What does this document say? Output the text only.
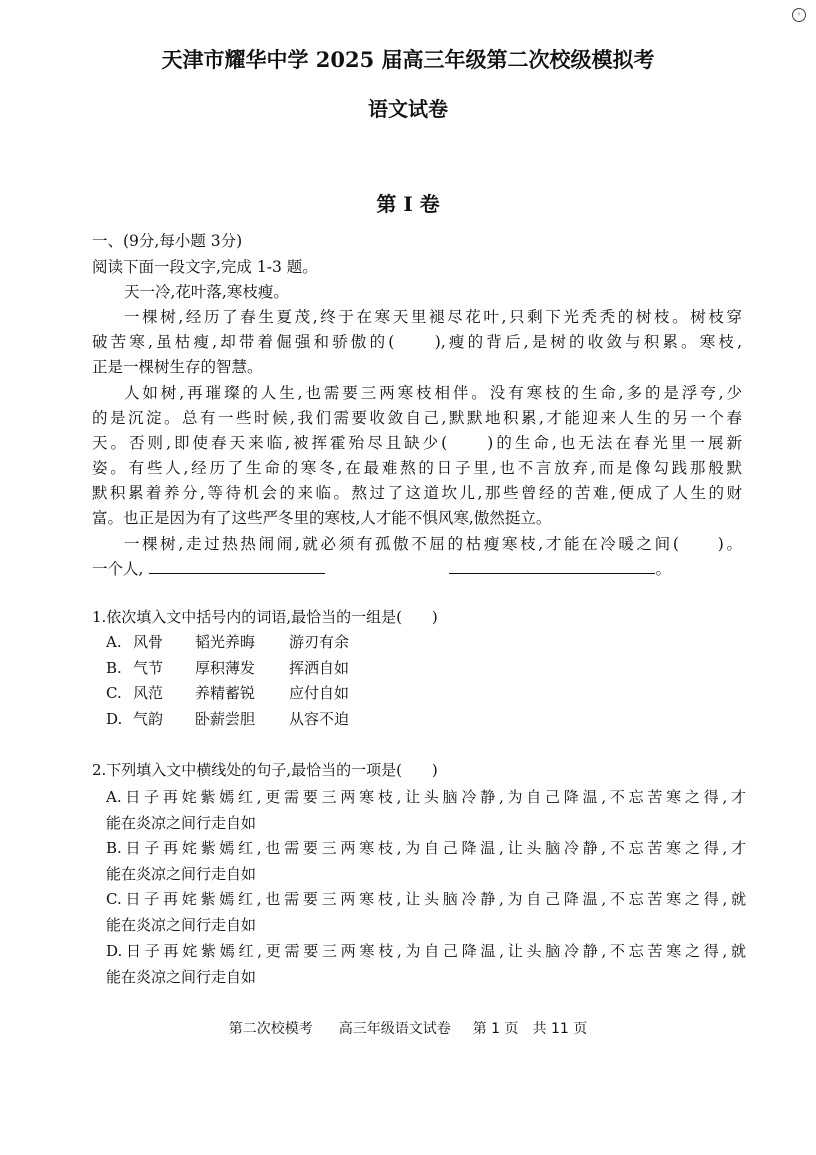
◦
天津市耀华中学 2025 届高三年级第二次校级模拟考
语文试卷
第 I 卷
一、(9分,每小题 3分)
阅读下面一段文字,完成 1-3 题。
天一冷,花叶落,寒枝瘦。
一棵树,经历了春生夏茂,终于在寒天里褪尽花叶,只剩下光秃秃的树枝。树枝穿
破苦寒,虽枯瘦,却带着倔强和骄傲的(　　),瘦的背后,是树的收敛与积累。寒枝,
正是一棵树生存的智慧。
人如树,再璀璨的人生,也需要三两寒枝相伴。没有寒枝的生命,多的是浮夸,少
的是沉淀。总有一些时候,我们需要收敛自己,默默地积累,才能迎来人生的另一个春
天。否则,即使春天来临,被挥霍殆尽且缺少(　　)的生命,也无法在春光里一展新
姿。有些人,经历了生命的寒冬,在最难熬的日子里,也不言放弃,而是像勾践那般默
默积累着养分,等待机会的来临。熬过了这道坎儿,那些曾经的苦难,便成了人生的财
富。也正是因为有了这些严冬里的寒枝,人才能不惧风寒,傲然挺立。
一棵树,走过热热闹闹,就必须有孤傲不屈的枯瘦寒枝,才能在冷暖之间(　　)。
一个人,	。
1.依次填入文中括号内的词语,最恰当的一组是(　　)
A. 风骨 韬光养晦 游刃有余
B. 气节 厚积薄发 挥洒自如
C. 风范 养精蓄锐 应付自如
D. 气韵 卧薪尝胆 从容不迫
2.下列填入文中横线处的句子,最恰当的一项是(　　)
A.日子再姹紫嫣红,更需要三两寒枝,让头脑冷静,为自己降温,不忘苦寒之得,才
能在炎凉之间行走自如
B.日子再姹紫嫣红,也需要三两寒枝,为自己降温,让头脑冷静,不忘苦寒之得,才
能在炎凉之间行走自如
C.日子再姹紫嫣红,也需要三两寒枝,让头脑冷静,为自己降温,不忘苦寒之得,就
能在炎凉之间行走自如
D.日子再姹紫嫣红,更需要三两寒枝,为自己降温,让头脑冷静,不忘苦寒之得,就
能在炎凉之间行走自如
第二次校模考 高三年级语文试卷 第 1 页　共 11 页
